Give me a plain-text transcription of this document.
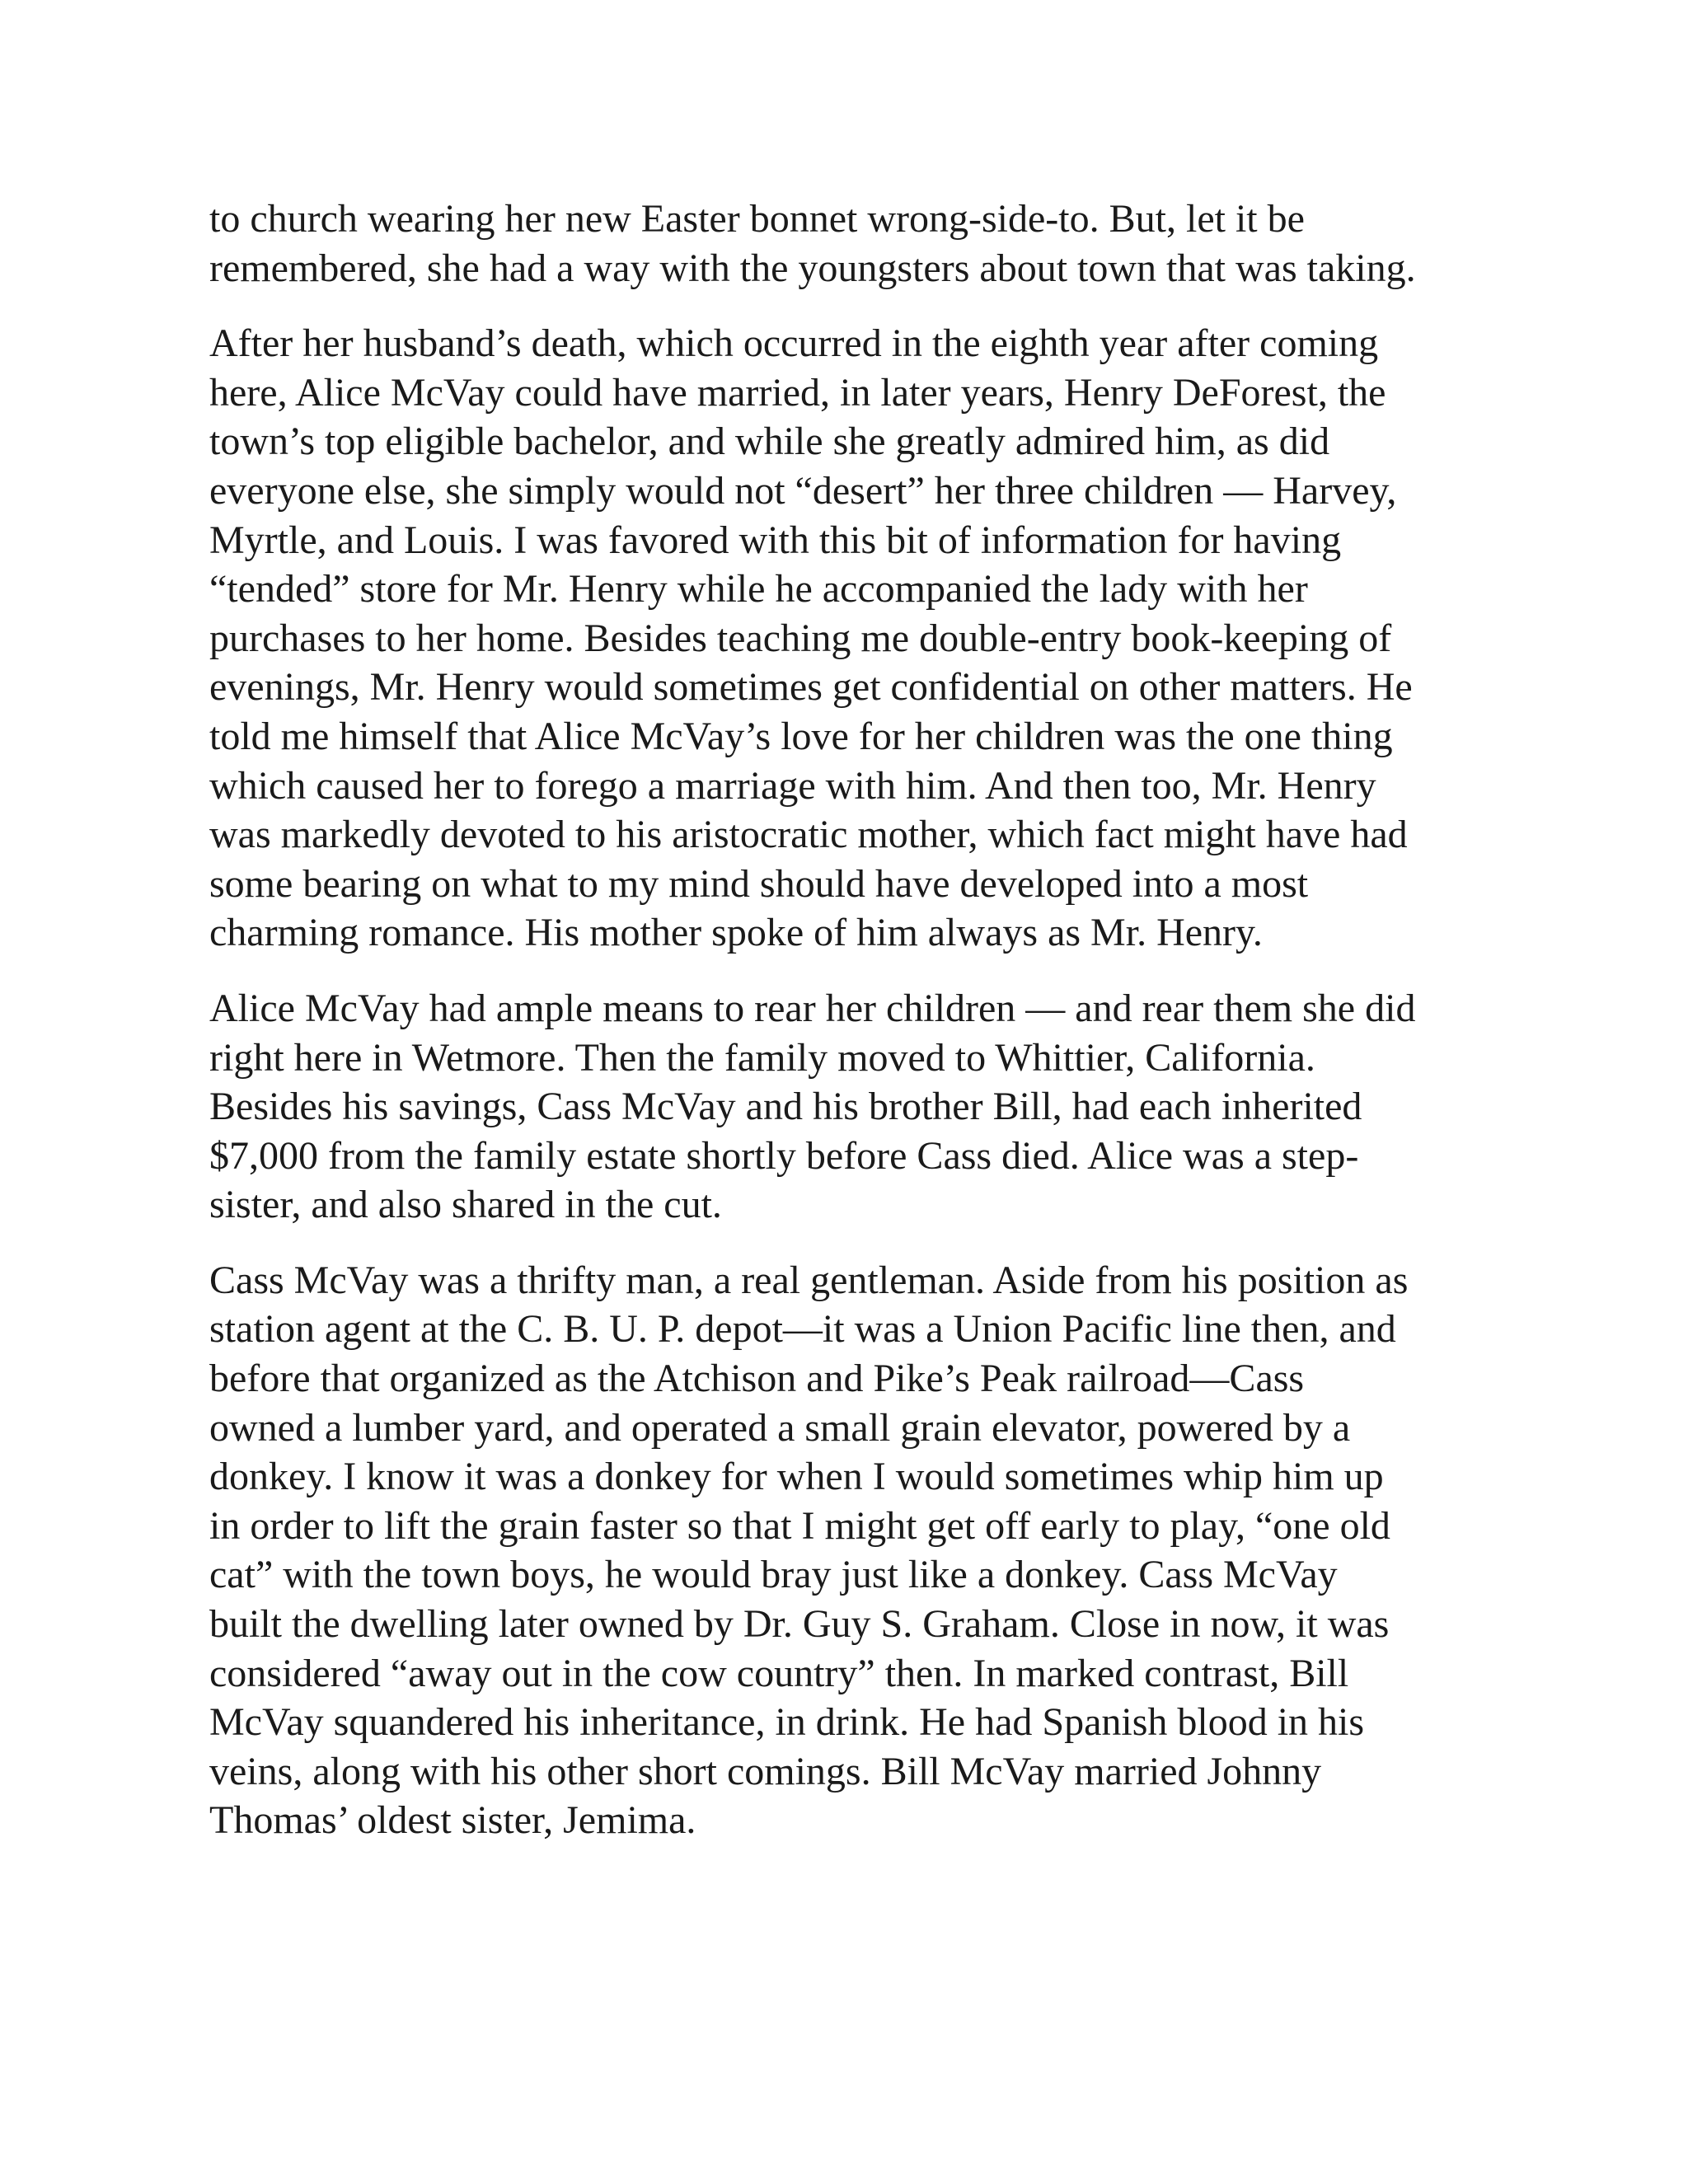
to church wearing her new Easter bonnet wrong-side-to. But, let it be
remembered, she had a way with the youngsters about town that was taking.

After her husband’s death, which occurred in the eighth year after coming
here, Alice McVay could have married, in later years, Henry DeForest, the
town’s top eligible bachelor, and while she greatly admired him, as did
everyone else, she simply would not “desert” her three children — Harvey,
Myrtle, and Louis. I was favored with this bit of information for having
“tended” store for Mr. Henry while he accompanied the lady with her
purchases to her home. Besides teaching me double-entry book-keeping of
evenings, Mr. Henry would sometimes get confidential on other matters. He
told me himself that Alice McVay’s love for her children was the one thing
which caused her to forego a marriage with him. And then too, Mr. Henry
was markedly devoted to his aristocratic mother, which fact might have had
some bearing on what to my mind should have developed into a most
charming romance. His mother spoke of him always as Mr. Henry.

Alice McVay had ample means to rear her children — and rear them she did
right here in Wetmore. Then the family moved to Whittier, California.
Besides his savings, Cass McVay and his brother Bill, had each inherited
$7,000 from the family estate shortly before Cass died. Alice was a step-
sister, and also shared in the cut.

Cass McVay was a thrifty man, a real gentleman. Aside from his position as
station agent at the C. B. U. P. depot—it was a Union Pacific line then, and
before that organized as the Atchison and Pike’s Peak railroad—Cass
owned a lumber yard, and operated a small grain elevator, powered by a
donkey. I know it was a donkey for when I would sometimes whip him up
in order to lift the grain faster so that I might get off early to play, “one old
cat” with the town boys, he would bray just like a donkey. Cass McVay
built the dwelling later owned by Dr. Guy S. Graham. Close in now, it was
considered “away out in the cow country” then. In marked contrast, Bill
McVay squandered his inheritance, in drink. He had Spanish blood in his
veins, along with his other short comings. Bill McVay married Johnny
Thomas’ oldest sister, Jemima.
